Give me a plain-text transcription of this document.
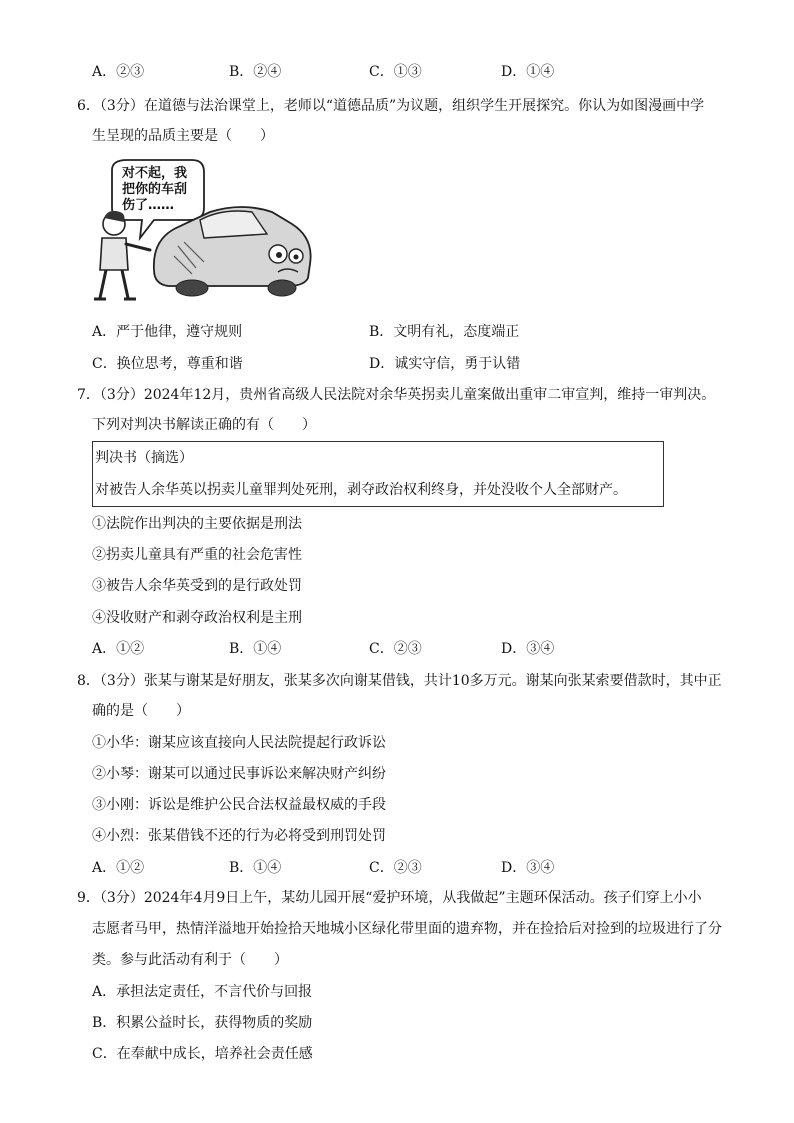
A．②③	B．②④	C．①③	D．①④
6．（3分）在道德与法治课堂上，老师以“道德品质”为议题，组织学生开展探究。你认为如图漫画中学
生呈现的品质主要是（　　）
对不起，我
把你的车刮
伤了……
A．严于他律，遵守规则	B．文明有礼，态度端正
C．换位思考，尊重和谐	D．诚实守信，勇于认错
7．（3分）2024年12月，贵州省高级人民法院对余华英拐卖儿童案做出重审二审宣判，维持一审判决。
下列对判决书解读正确的有（　　）
判决书（摘选）
对被告人余华英以拐卖儿童罪判处死刑，剥夺政治权利终身，并处没收个人全部财产。
①法院作出判决的主要依据是刑法
②拐卖儿童具有严重的社会危害性
③被告人余华英受到的是行政处罚
④没收财产和剥夺政治权利是主刑
A．①②	B．①④	C．②③	D．③④
8．（3分）张某与谢某是好朋友，张某多次向谢某借钱，共计10多万元。谢某向张某索要借款时，其中正
确的是（　　）
①小华：谢某应该直接向人民法院提起行政诉讼
②小琴：谢某可以通过民事诉讼来解决财产纠纷
③小刚：诉讼是维护公民合法权益最权威的手段
④小烈：张某借钱不还的行为必将受到刑罚处罚
A．①②	B．①④	C．②③	D．③④
9．（3分）2024年4月9日上午，某幼儿园开展“爱护环境，从我做起”主题环保活动。孩子们穿上小小
志愿者马甲，热情洋溢地开始捡拾天地城小区绿化带里面的遗弃物，并在捡拾后对捡到的垃圾进行了分
类。参与此活动有利于（　　）
A．承担法定责任，不言代价与回报
B．积累公益时长，获得物质的奖励
C．在奉献中成长，培养社会责任感
